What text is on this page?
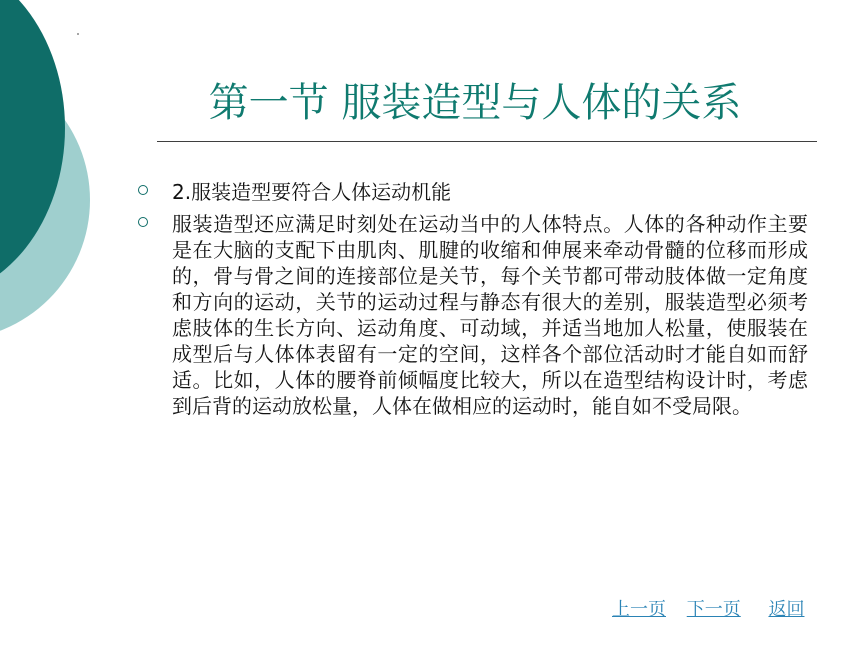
第一节 服装造型与人体的关系
2.服装造型要符合人体运动机能
服装造型还应满足时刻处在运动当中的人体特点。人体的各种动作主要是在大脑的支配下由肌肉、肌腱的收缩和伸展来牵动骨髓的位移而形成的，骨与骨之间的连接部位是关节，每个关节都可带动肢体做一定角度和方向的运动，关节的运动过程与静态有很大的差别，服装造型必须考虑肢体的生长方向、运动角度、可动域，并适当地加人松量，使服装在成型后与人体体表留有一定的空间，这样各个部位活动时才能自如而舒适。比如，人体的腰脊前倾幅度比较大，所以在造型结构设计时，考虑到后背的运动放松量，人体在做相应的运动时，能自如不受局限。
上一页 下一页 返回
